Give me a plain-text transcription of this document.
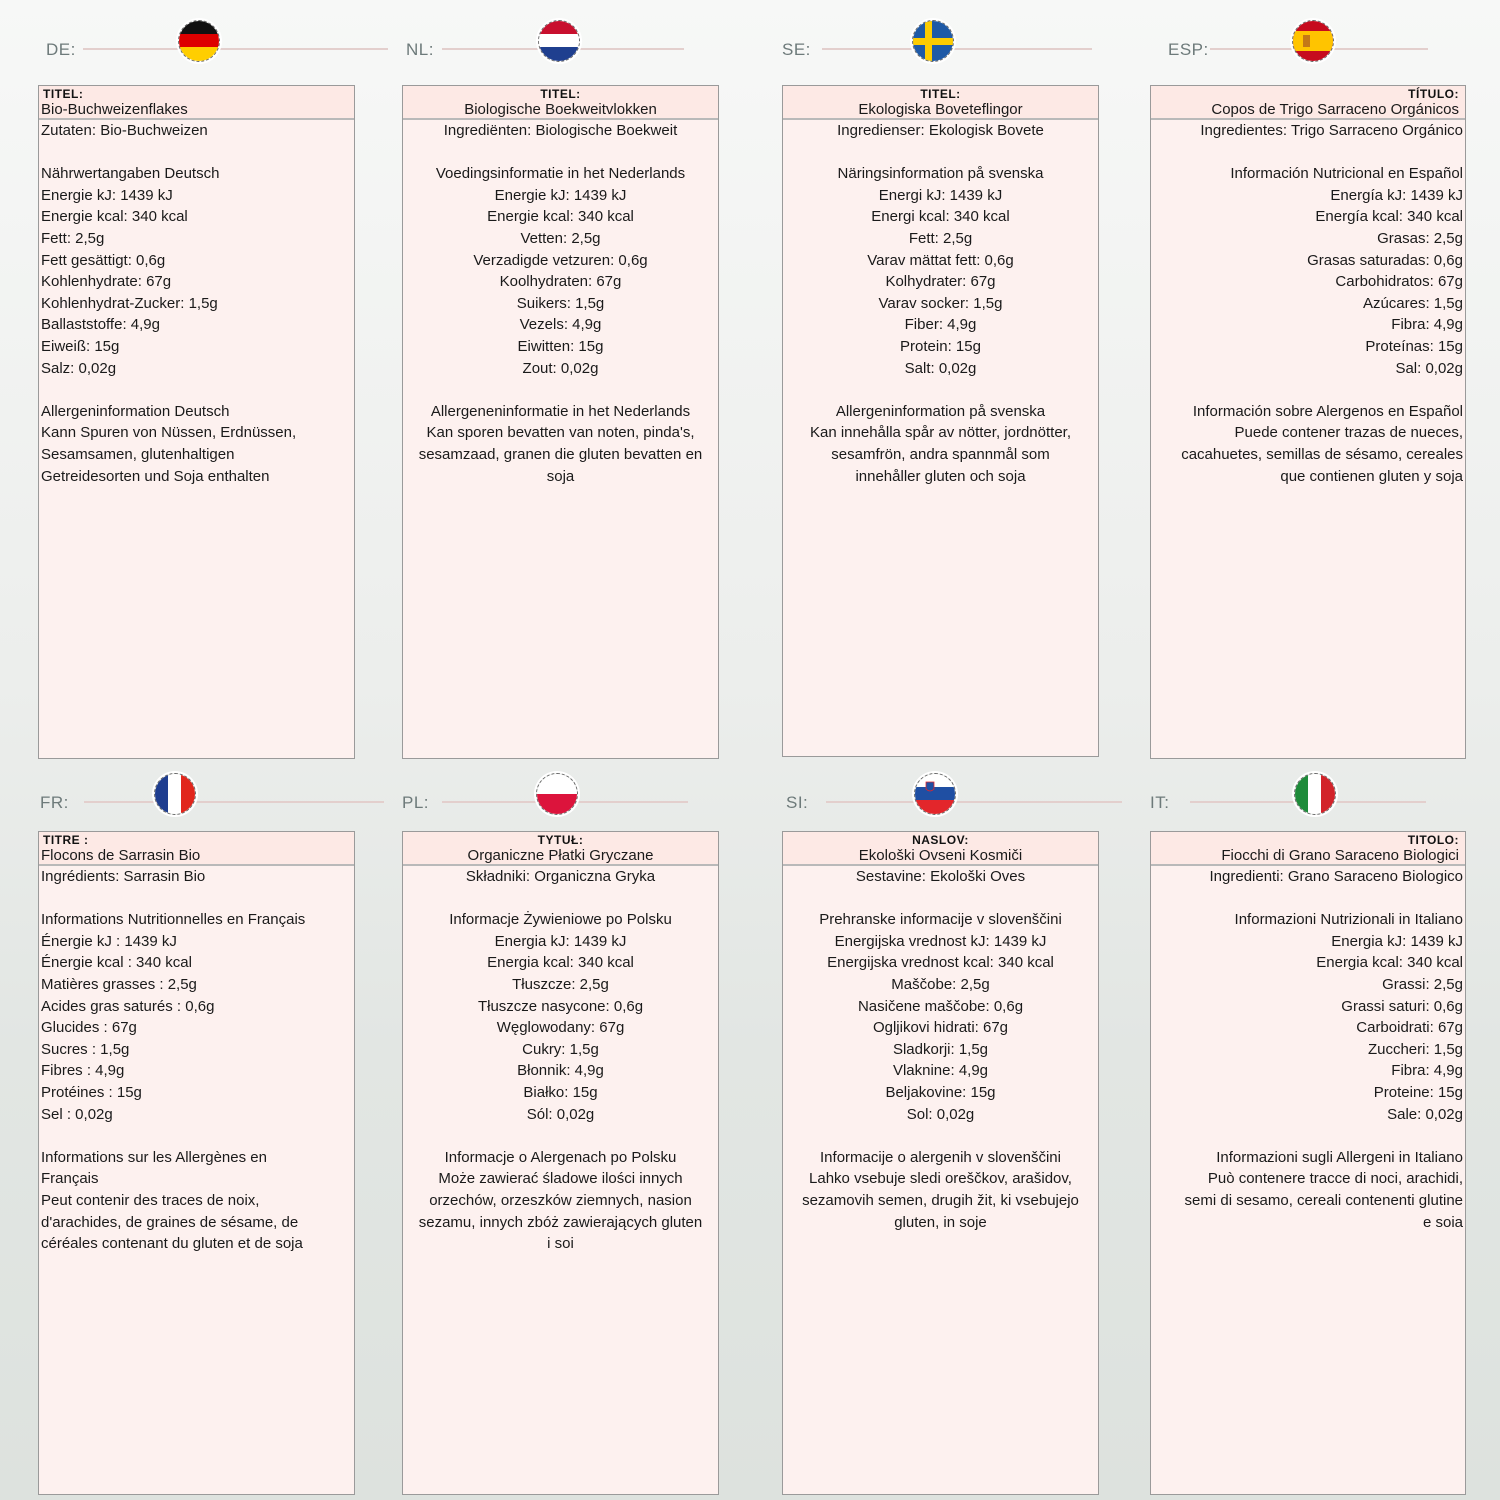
DE:
TITEL:
Bio-Buchweizenflakes

Zutaten: Bio-Buchweizen

Nährwertangaben Deutsch

Energie kJ: 1439 kJ

Energie kcal: 340 kcal

Fett: 2,5g

Fett gesättigt: 0,6g

Kohlenhydrate: 67g

Kohlenhydrat-Zucker: 1,5g

Ballaststoffe: 4,9g

Eiweiß: 15g

Salz: 0,02g

Allergeninformation Deutsch

Kann Spuren von Nüssen, Erdnüssen,

Sesamsamen, glutenhaltigen

Getreidesorten und Soja enthalten

NL:
TITEL:
Biologische Boekweitvlokken

Ingrediënten: Biologische Boekweit

Voedingsinformatie in het Nederlands

Energie kJ: 1439 kJ

Energie kcal: 340 kcal

Vetten: 2,5g

Verzadigde vetzuren: 0,6g

Koolhydraten: 67g

Suikers: 1,5g

Vezels: 4,9g

Eiwitten: 15g

Zout: 0,02g

Allergeneninformatie in het Nederlands

Kan sporen bevatten van noten, pinda's,

sesamzaad, granen die gluten bevatten en

soja

SE:
TITEL:
Ekologiska Boveteflingor

Ingredienser: Ekologisk Bovete

Näringsinformation på svenska

Energi kJ: 1439 kJ

Energi kcal: 340 kcal

Fett: 2,5g

Varav mättat fett: 0,6g

Kolhydrater: 67g

Varav socker: 1,5g

Fiber: 4,9g

Protein: 15g

Salt: 0,02g

Allergeninformation på svenska

Kan innehålla spår av nötter, jordnötter,

sesamfrön, andra spannmål som

innehåller gluten och soja

ESP:
TÍTULO:
Copos de Trigo Sarraceno Orgánicos

Ingredientes: Trigo Sarraceno Orgánico

Información Nutricional en Español

Energía kJ: 1439 kJ

Energía kcal: 340 kcal

Grasas: 2,5g

Grasas saturadas: 0,6g

Carbohidratos: 67g

Azúcares: 1,5g

Fibra: 4,9g

Proteínas: 15g

Sal: 0,02g

Información sobre Alergenos en Español

Puede contener trazas de nueces,

cacahuetes, semillas de sésamo, cereales

que contienen gluten y soja

FR:
TITRE :
Flocons de Sarrasin Bio

Ingrédients: Sarrasin Bio

Informations Nutritionnelles en Français

Énergie kJ : 1439 kJ

Énergie kcal : 340 kcal

Matières grasses : 2,5g

Acides gras saturés : 0,6g

Glucides : 67g

Sucres : 1,5g

Fibres : 4,9g

Protéines : 15g

Sel : 0,02g

Informations sur les Allergènes en

Français

Peut contenir des traces de noix,

d'arachides, de graines de sésame, de

céréales contenant du gluten et de soja

PL:
TYTUŁ:
Organiczne Płatki Gryczane

Składniki: Organiczna Gryka

Informacje Żywieniowe po Polsku

Energia kJ: 1439 kJ

Energia kcal: 340 kcal

Tłuszcze: 2,5g

Tłuszcze nasycone: 0,6g

Węglowodany: 67g

Cukry: 1,5g

Błonnik: 4,9g

Białko: 15g

Sól: 0,02g

Informacje o Alergenach po Polsku

Może zawierać śladowe ilości innych

orzechów, orzeszków ziemnych, nasion

sezamu, innych zbóż zawierających gluten

i soi

SI:
NASLOV:
Ekološki Ovseni Kosmiči

Sestavine: Ekološki Oves

Prehranske informacije v slovenščini

Energijska vrednost kJ: 1439 kJ

Energijska vrednost kcal: 340 kcal

Maščobe: 2,5g

Nasičene maščobe: 0,6g

Ogljikovi hidrati: 67g

Sladkorji: 1,5g

Vlaknine: 4,9g

Beljakovine: 15g

Sol: 0,02g

Informacije o alergenih v slovenščini

Lahko vsebuje sledi oreščkov, arašidov,

sezamovih semen, drugih žit, ki vsebujejo

gluten, in soje

IT:
TITOLO:
Fiocchi di Grano Saraceno Biologici

Ingredienti: Grano Saraceno Biologico

Informazioni Nutrizionali in Italiano

Energia kJ: 1439 kJ

Energia kcal: 340 kcal

Grassi: 2,5g

Grassi saturi: 0,6g

Carboidrati: 67g

Zuccheri: 1,5g

Fibra: 4,9g

Proteine: 15g

Sale: 0,02g

Informazioni sugli Allergeni in Italiano

Può contenere tracce di noci, arachidi,

semi di sesamo, cereali contenenti glutine

e soia
